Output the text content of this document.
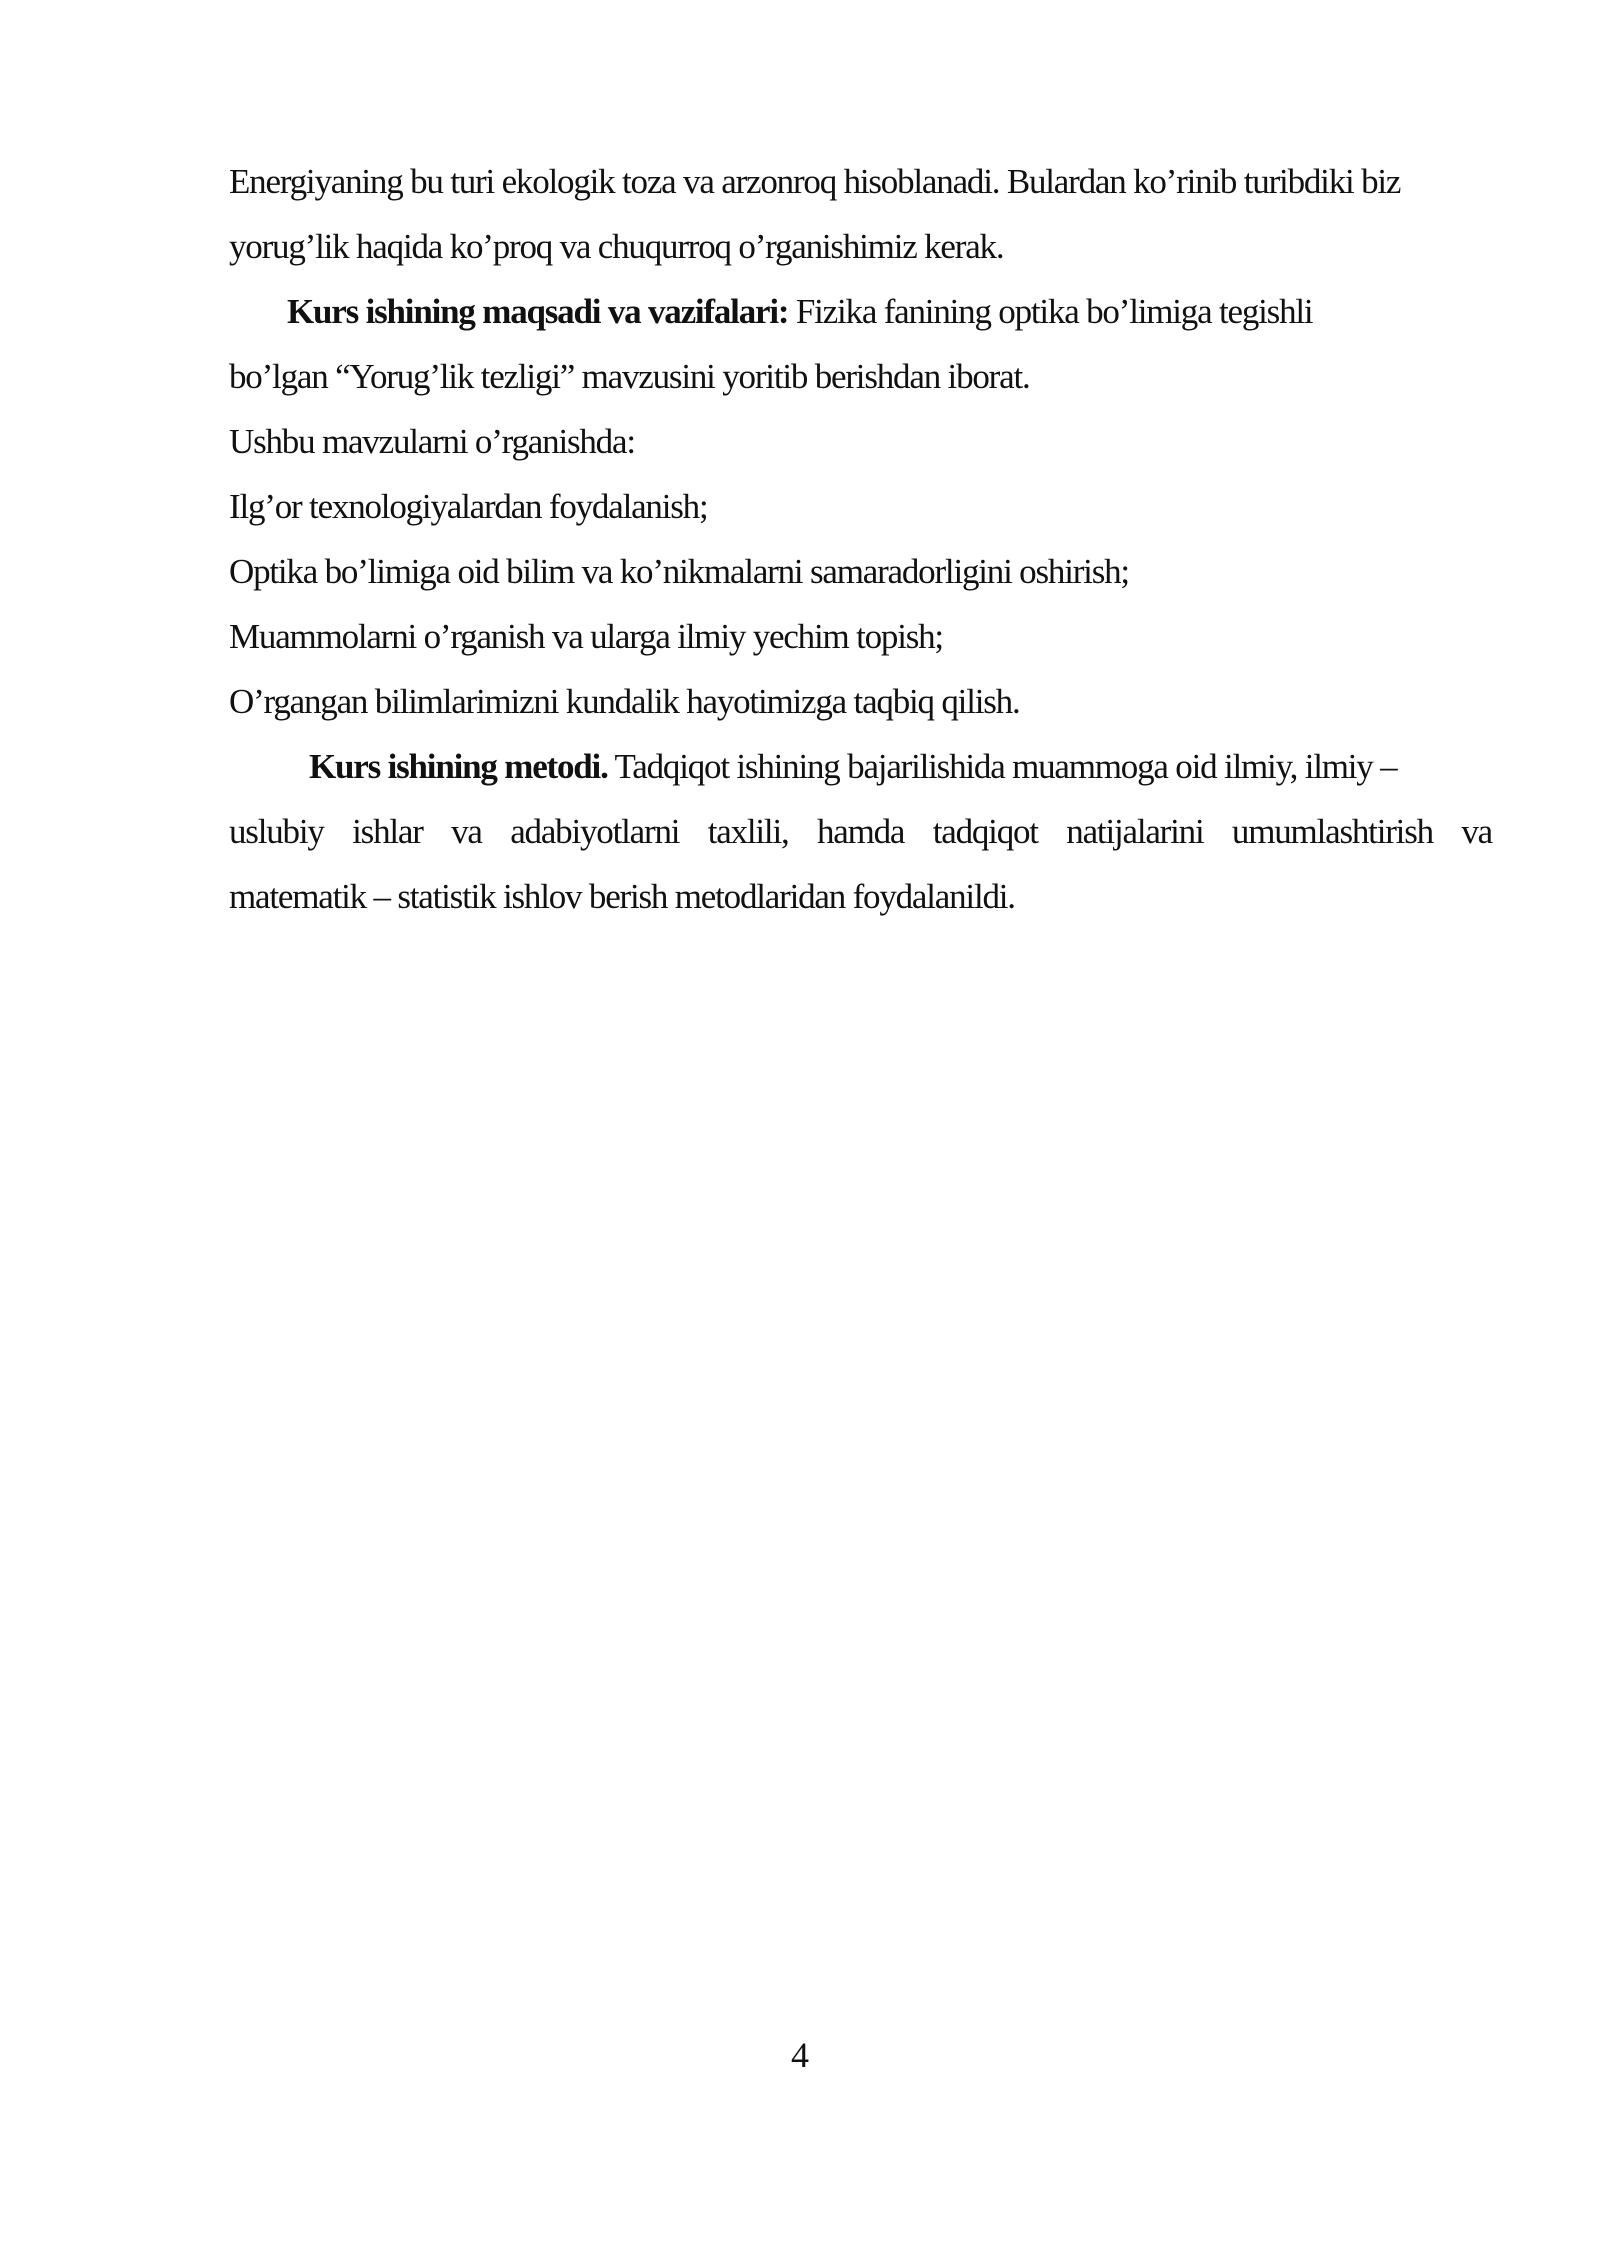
Energiyaning bu turi ekologik toza va arzonroq hisoblanadi. Bulardan ko’rinib turibdiki biz
yorug’lik haqida ko’proq va chuqurroq o’rganishimiz kerak.
Kurs ishining maqsadi va vazifalari: Fizika fanining optika bo’limiga tegishli
bo’lgan “Yorug’lik tezligi” mavzusini yoritib berishdan iborat.
Ushbu mavzularni o’rganishda:
Ilg’or texnologiyalardan foydalanish;
Optika bo’limiga oid bilim va ko’nikmalarni samaradorligini oshirish;
Muammolarni o’rganish va ularga ilmiy yechim topish;
O’rgangan bilimlarimizni kundalik hayotimizga taqbiq qilish.
Kurs ishining metodi. Tadqiqot ishining bajarilishida muammoga oid ilmiy, ilmiy –
uslubiy ishlar va adabiyotlarni taxlili, hamda tadqiqot natijalarini umumlashtirish va
matematik – statistik ishlov berish metodlaridan foydalanildi.
4
